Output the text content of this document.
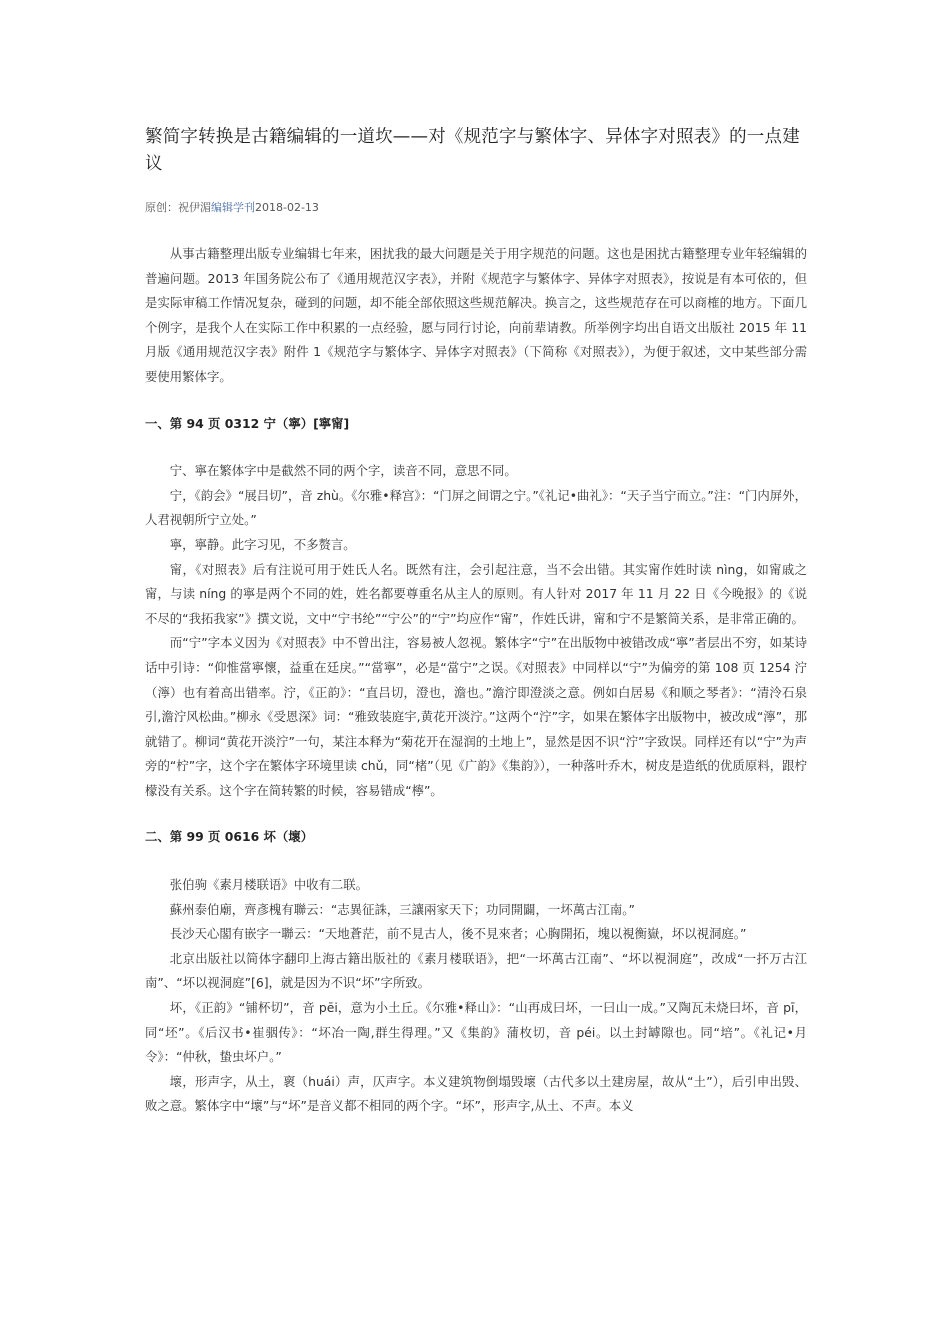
繁简字转换是古籍编辑的一道坎——对《规范字与繁体字、异体字对照表》的一点建议
原创：祝伊湄编辑学刊2018-02-13

从事古籍整理出版专业编辑七年来，困扰我的最大问题是关于用字规范的问题。这也是困扰古籍整理专业年轻编辑的普遍问题。2013 年国务院公布了《通用规范汉字表》，并附《规范字与繁体字、异体字对照表》，按说是有本可依的，但是实际审稿工作情况复杂，碰到的问题，却不能全部依照这些规范解决。换言之，这些规范存在可以商榷的地方。下面几个例字，是我个人在实际工作中积累的一点经验，愿与同行讨论，向前辈请教。所举例字均出自语文出版社 2015 年 11 月版《通用规范汉字表》附件 1《规范字与繁体字、异体字对照表》（下简称《对照表》），为便于叙述，文中某些部分需要使用繁体字。

一、第 94 页 0312 宁（寧）[寧甯]

宁、寧在繁体字中是截然不同的两个字，读音不同，意思不同。

宁，《韵会》“展吕切”，音 zhù。《尔雅•释宫》：“门屏之间谓之宁。”《礼记•曲礼》：“天子当宁而立。”注：“门内屏外，人君视朝所宁立处。”

寧，寧静。此字习见，不多赘言。

甯，《对照表》后有注说可用于姓氏人名。既然有注，会引起注意，当不会出错。其实甯作姓时读 nìng，如甯戚之甯，与读 níng 的寧是两个不同的姓，姓名都要尊重名从主人的原则。有人针对 2017 年 11 月 22 日《今晚报》的《说不尽的“我拓我家”》撰文说，文中“宁书纶”“宁公”的“宁”均应作“甯”，作姓氏讲，甯和宁不是繁简关系，是非常正确的。

而“宁”字本义因为《对照表》中不曾出注，容易被人忽视。繁体字“宁”在出版物中被错改成“寧”者层出不穷，如某诗话中引诗：“仰惟當寧懷，益重在廷戾。”“當寧”，必是“當宁”之误。《对照表》中同样以“宁”为偏旁的第 108 页 1254 泞（濘）也有着高出错率。泞，《正韵》：“直吕切，澄也，澹也。”澹泞即澄淡之意。例如白居易《和顺之琴者》：“清泠石泉引,澹泞风松曲。”柳永《受恩深》词：“雅致装庭宇,黄花开淡泞。”这两个“泞”字，如果在繁体字出版物中，被改成“濘”，那就错了。柳词“黄花开淡泞”一句，某注本释为“菊花开在湿润的土地上”，显然是因不识“泞”字致误。同样还有以“宁”为声旁的“柠”字，这个字在繁体字环境里读 chǔ，同“楮”（见《广韵》《集韵》），一种落叶乔木，树皮是造纸的优质原料，跟柠檬没有关系。这个字在简转繁的时候，容易错成“檸”。

二、第 99 页 0616 坏（壞）

张伯驹《素月楼联语》中收有二联。

蘇州泰伯廟，齊彥槐有聯云：“志異征誅，三讓兩家天下；功同開闢，一坏萬古江南。”

長沙天心閣有嵌字一聯云：“天地蒼茫，前不見古人，後不見來者；心胸開拓，塊以視衡嶽，坏以視洞庭。”

北京出版社以简体字翻印上海古籍出版社的《素月楼联语》，把“一坏萬古江南”、“坏以視洞庭”，改成“一抔万古江南”、“坏以视洞庭”[6]，就是因为不识“坏”字所致。

坏，《正韵》“铺杯切”，音 pēi，意为小土丘。《尔雅•释山》：“山再成曰坏，一曰山一成。”又陶瓦未烧曰坏，音 pī，同“坯”。《后汉书•崔骃传》：“坏冶一陶,群生得理。”又《集韵》蒲枚切，音 péi。以土封罅隙也。同“培”。《礼记•月令》：“仲秋，蛰虫坏户。”

壞，形声字，从土，褱（huái）声，仄声字。本义建筑物倒塌毁壞（古代多以土建房屋，故从“土”），后引申出毁、败之意。繁体字中“壞”与“坏”是音义都不相同的两个字。“坏”，形声字,从土、不声。本义
